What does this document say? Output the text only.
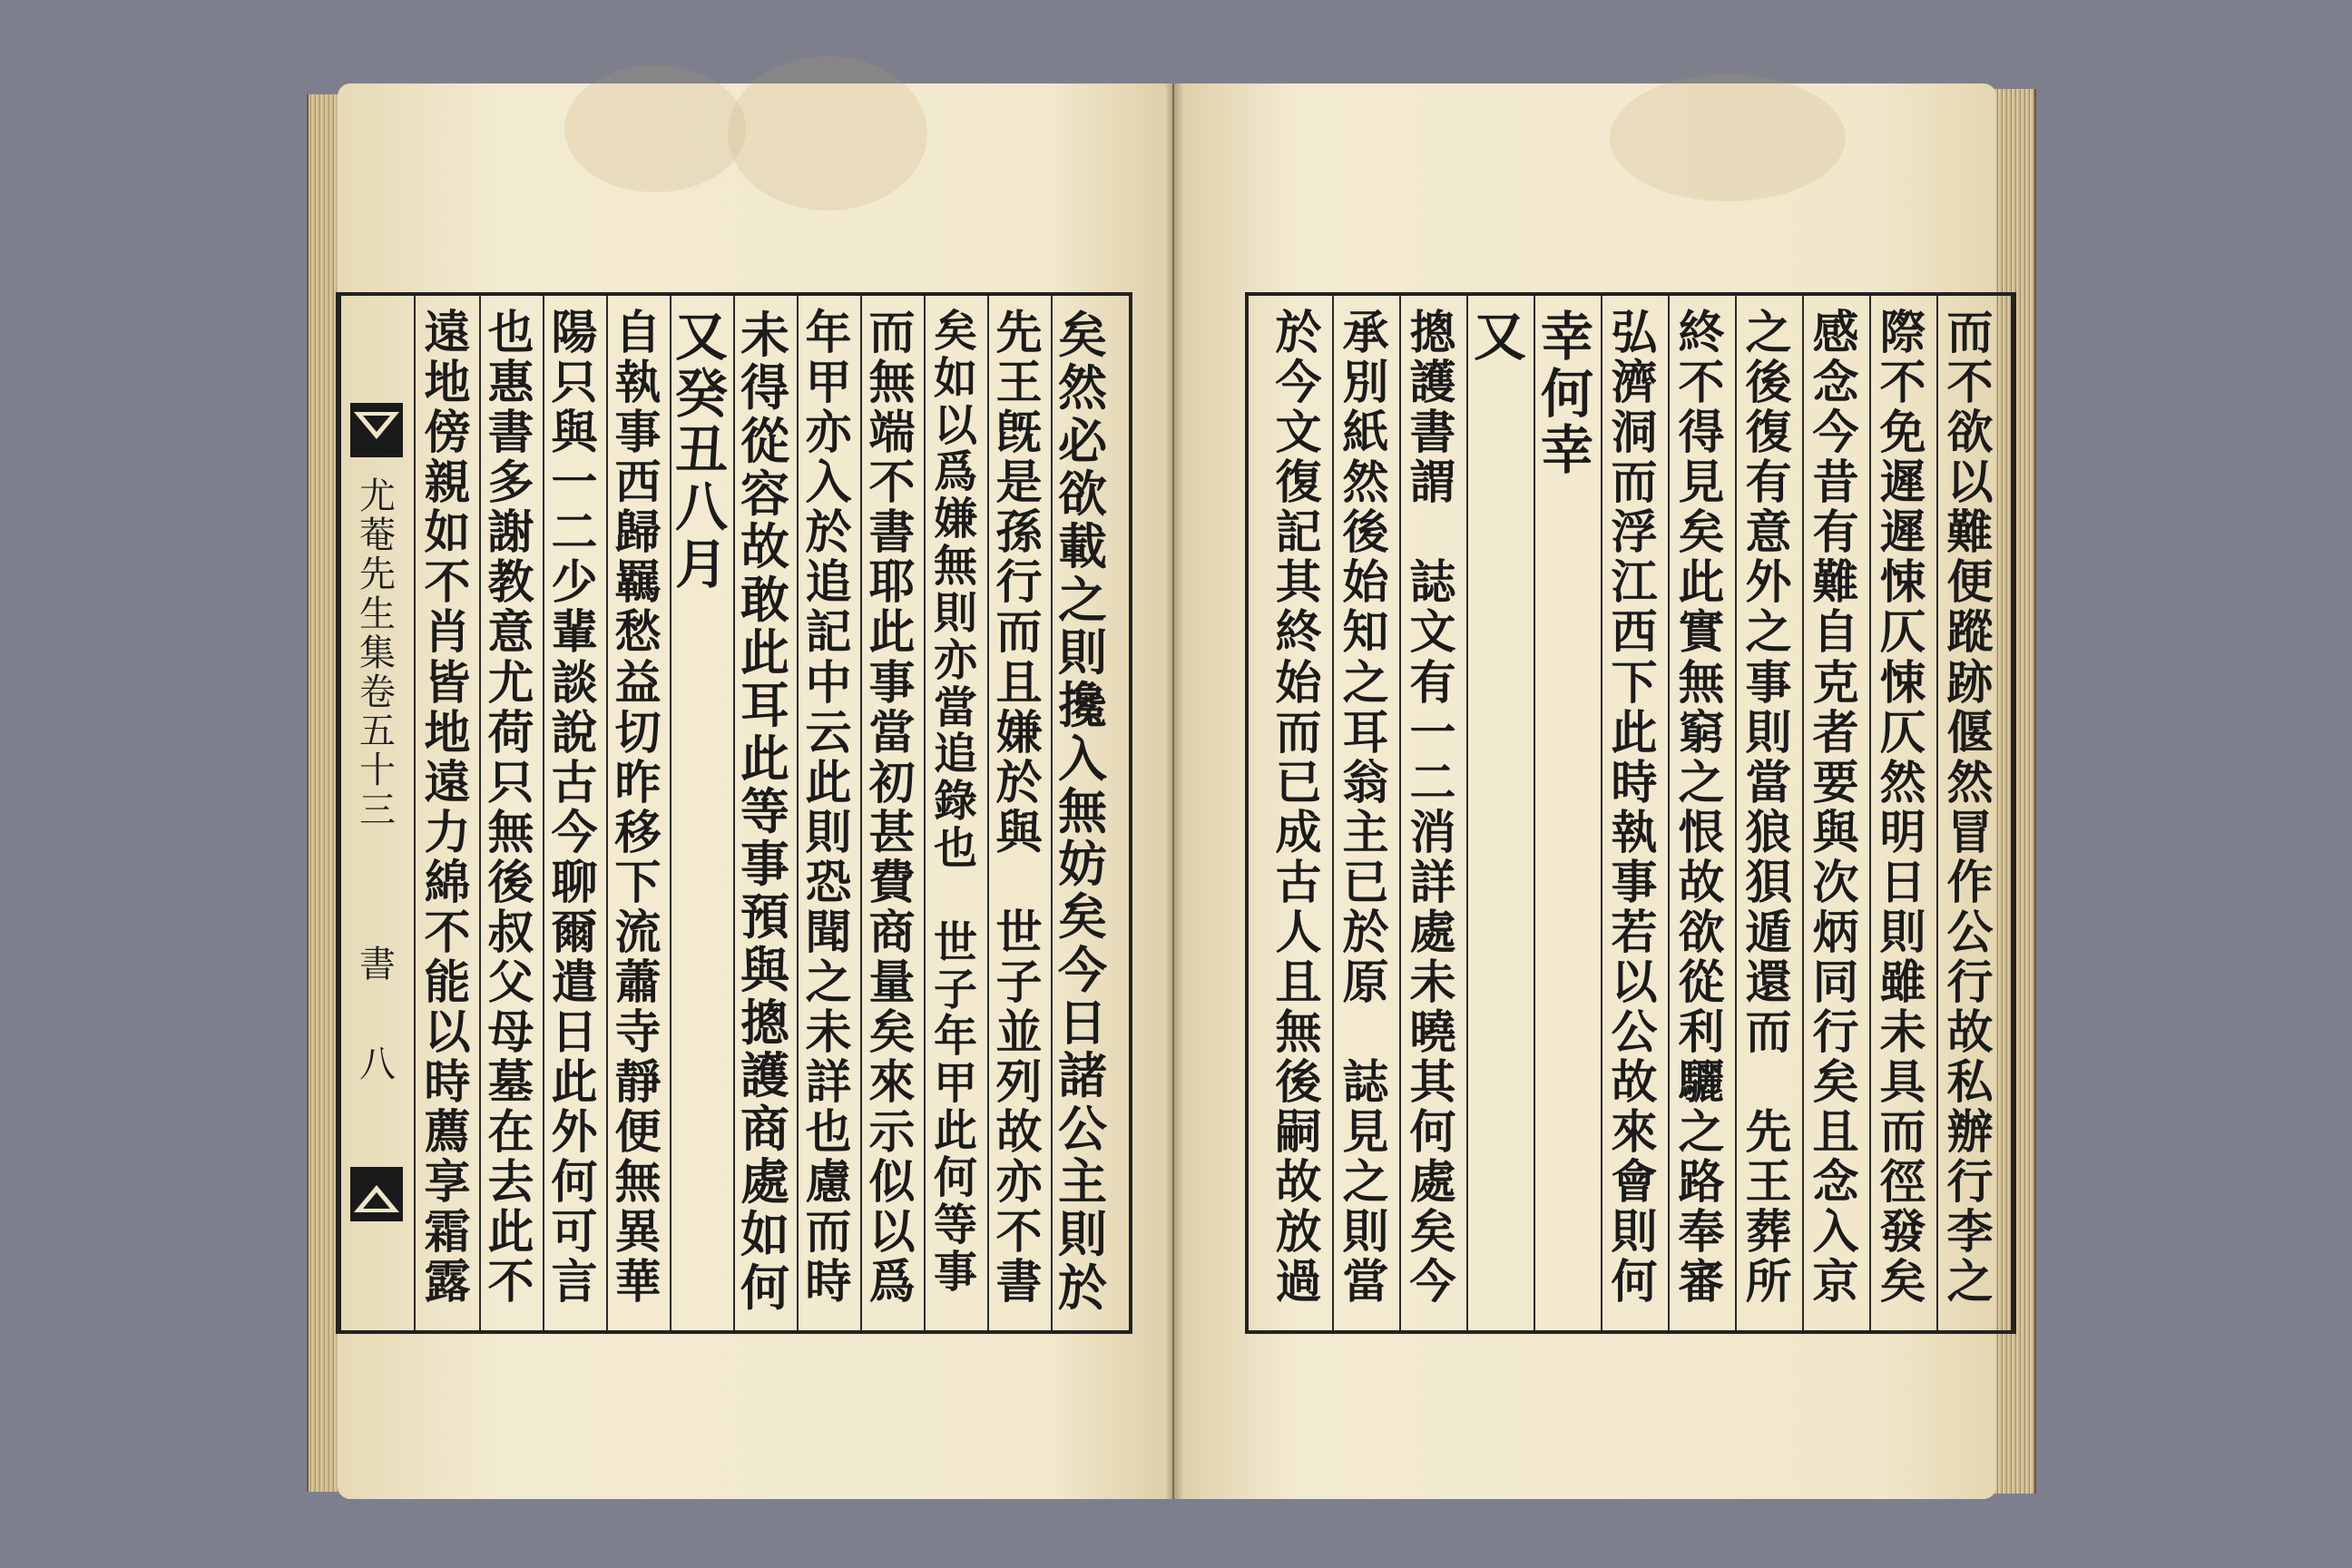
尤
菴
先
生
集
卷
五
十
三
書
八
遠
地
傍
親
如
不
肖
皆
地
遠
力
綿
不
能
以
時
薦
享
霜
露
也
惠
書
多
謝
教
意
尤
荷
只
無
後
叔
父
母
墓
在
去
此
不
陽
只
與
一
二
少
輩
談
說
古
今
聊
爾
遣
日
此
外
何
可
言
自
執
事
西
歸
羈
愁
益
切
昨
移
下
流
蕭
寺
靜
便
無
異
華
又
癸
丑
八
月
未
得
從
容
故
敢
此
耳
此
等
事
預
與
摠
護
商
處
如
何
年
甲
亦
入
於
追
記
中
云
此
則
恐
聞
之
未
詳
也
慮
而
時
而
無
端
不
書
耶
此
事
當
初
甚
費
商
量
矣
來
示
似
以
爲
矣
如
以
爲
嫌
無
則
亦
當
追
錄
也

世
子
年
甲
此
何
等
事
先
王
旣
是
孫
行
而
且
嫌
於
與

世
子
並
列
故
亦
不
書
矣
然
必
欲
載
之
則
攙
入
無
妨
矣
今
日
諸
公
主
則
於
於
今
文
復
記
其
終
始
而
已
成
古
人
且
無
後
嗣
故
放
過
承
別
紙
然
後
始
知
之
耳
翁
主
已
於
原

誌
見
之
則
當
摠
護
書
謂

誌
文
有
一
二
消
詳
處
未
曉
其
何
處
矣
今
又 幸
何
幸
弘
濟
洞
而
浮
江
西
下
此
時
執
事
若
以
公
故
來
會
則
何
終
不
得
見
矣
此
實
無
窮
之
恨
故
欲
從
利
驪
之
路
奉
審
之
後
復
有
意
外
之
事
則
當
狼
狽
遁
還
而

先
王
葬
所
感
念
今
昔
有
難
自
克
者
要
與
次
炳
同
行
矣
且
念
入
京
際
不
免
遲
遲
悚
仄
悚
仄
然
明
日
則
雖
未
具
而
徑
發
矣
而
不
欲
以
難
便
蹤
跡
偃
然
冒
作
公
行
故
私
辦
行
李
之
